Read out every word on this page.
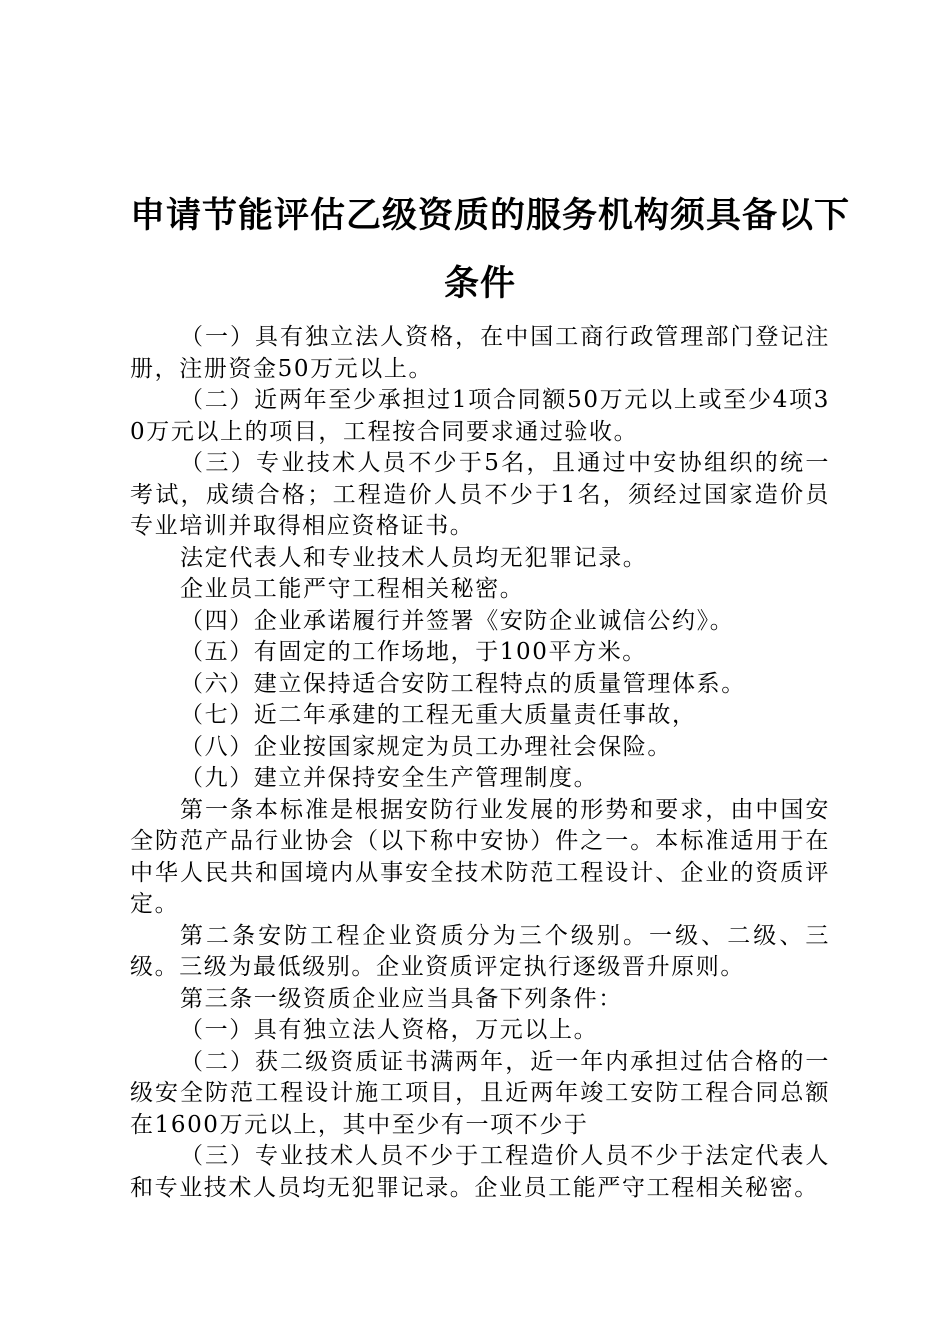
申请节能评估乙级资质的服务机构须具备以下
条件

（一）具有独立法人资格，在中国工商行政管理部门登记注册，注册资金50万元以上。

（二）近两年至少承担过1项合同额50万元以上或至少4项30万元以上的项目，工程按合同要求通过验收。

（三）专业技术人员不少于5名，且通过中安协组织的统一考试，成绩合格；工程造价人员不少于1名，须经过国家造价员专业培训并取得相应资格证书。

法定代表人和专业技术人员均无犯罪记录。

企业员工能严守工程相关秘密。

（四）企业承诺履行并签署《安防企业诚信公约》。

（五）有固定的工作场地，于100平方米。

（六）建立保持适合安防工程特点的质量管理体系。

（七）近二年承建的工程无重大质量责任事故，

（八）企业按国家规定为员工办理社会保险。

（九）建立并保持安全生产管理制度。

第一条本标准是根据安防行业发展的形势和要求，由中国安全防范产品行业协会（以下称中安协）件之一。本标准适用于在中华人民共和国境内从事安全技术防范工程设计、企业的资质评定。

第二条安防工程企业资质分为三个级别。一级、二级、三级。三级为最低级别。企业资质评定执行逐级晋升原则。

第三条一级资质企业应当具备下列条件：

（一）具有独立法人资格，万元以上。

（二）获二级资质证书满两年，近一年内承担过估合格的一级安全防范工程设计施工项目，且近两年竣工安防工程合同总额在1600万元以上，其中至少有一项不少于

（三）专业技术人员不少于工程造价人员不少于法定代表人和专业技术人员均无犯罪记录。企业员工能严守工程相关秘密。
